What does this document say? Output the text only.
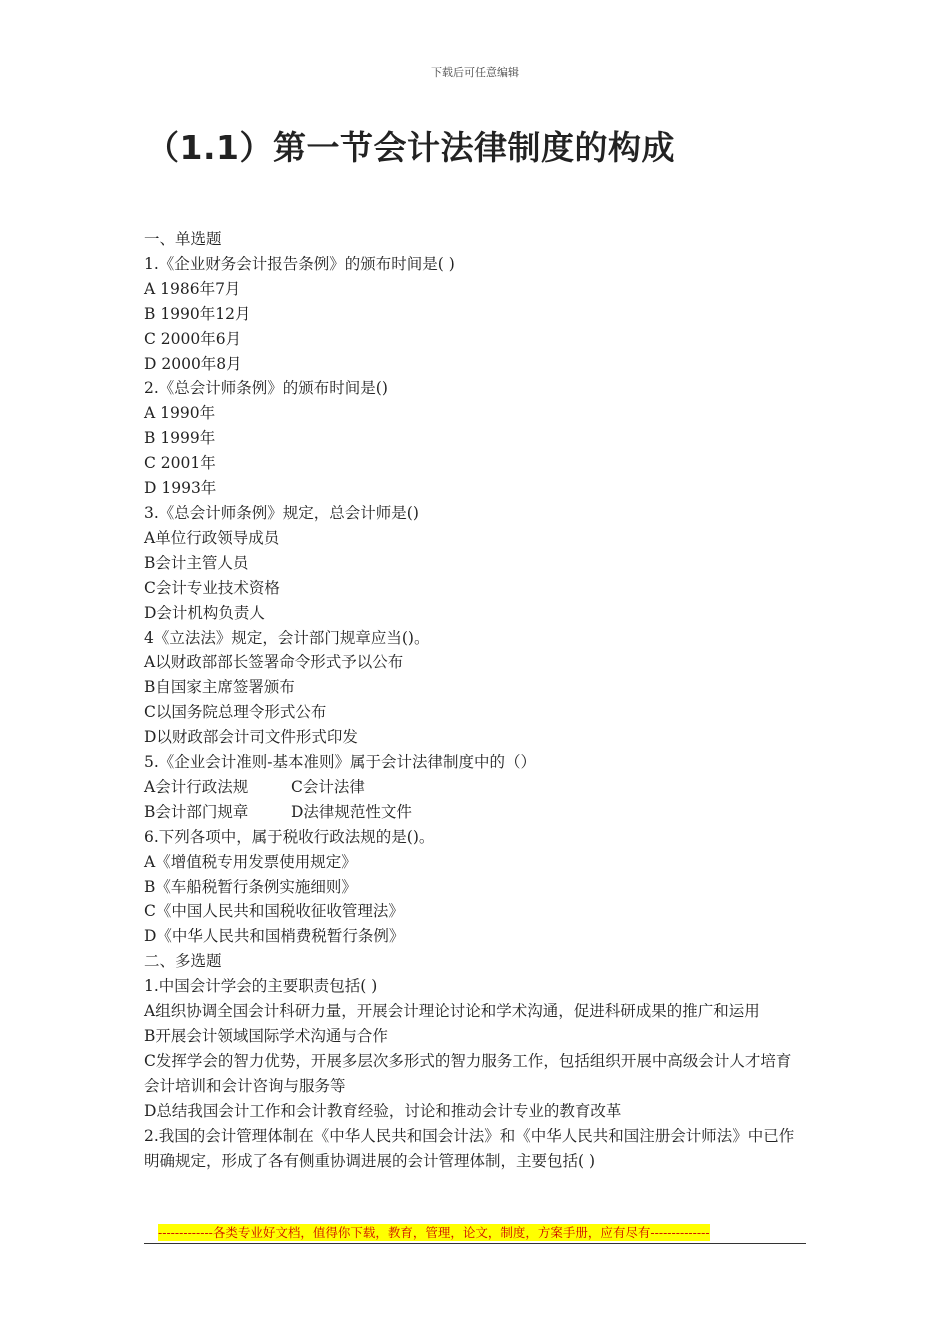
下载后可任意编辑
（1.1）第一节会计法律制度的构成
一、单选题
1.《企业财务会计报告条例》的颁布时间是( )
A 1986年7月
B 1990年12月
C 2000年6月
D 2000年8月
2.《总会计师条例》的颁布时间是()
A 1990年
B 1999年
C 2001年
D 1993年
3.《总会计师条例》规定，总会计师是()
A单位行政领导成员
B会计主管人员
C会计专业技术资格
D会计机构负责人
4《立法法》规定，会计部门规章应当()。
A以财政部部长签署命令形式予以公布
B自国家主席签署颁布
C以国务院总理令形式公布
D以财政部会计司文件形式印发
5.《企业会计准则-基本准则》属于会计法律制度中的（）
A会计行政法规	C会计法律
B会计部门规章	D法律规范性文件
6.下列各项中，属于税收行政法规的是()。
A《增值税专用发票使用规定》
B《车船税暂行条例实施细则》
C《中国人民共和国税收征收管理法》
D《中华人民共和国梢费税暂行条例》
二、多选题
1.中国会计学会的主要职责包括( )
A组织协调全国会计科研力量，开展会计理论讨论和学术沟通，促进科研成果的推广和运用
B开展会计领域国际学术沟通与合作
C发挥学会的智力优势，开展多层次多形式的智力服务工作，包括组织开展中高级会计人才培育会计培训和会计咨询与服务等
D总结我国会计工作和会计教育经验，讨论和推动会计专业的教育改革
2.我国的会计管理体制在《中华人民共和国会计法》和《中华人民共和国注册会计师法》中已作明确规定，形成了各有侧重协调进展的会计管理体制，主要包括( )
-------------各类专业好文档，值得你下载，教育，管理，论文，制度，方案手册，应有尽有--------------
